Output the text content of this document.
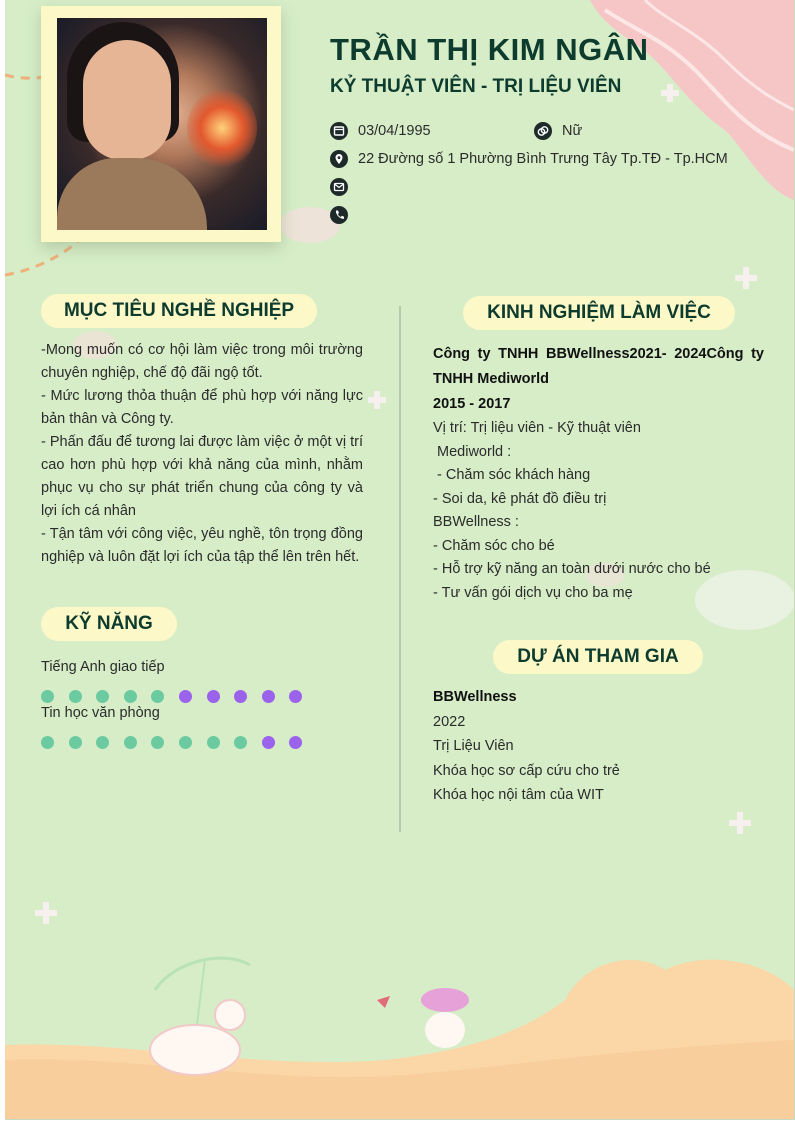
TRẦN THỊ KIM NGÂN
KỶ THUẬT VIÊN - TRỊ LIỆU VIÊN
03/04/1995	Nữ
22 Đường số 1 Phường Bình Trưng Tây Tp.TĐ - Tp.HCM
MỤC TIÊU NGHỀ NGHIỆP

-Mong muốn có cơ hội làm việc trong môi trường chuyên nghiệp, chế độ đãi ngộ tốt.

- Mức lương thỏa thuận để phù hợp với năng lực bản thân và Công ty.

- Phấn đấu để tương lai được làm việc ở một vị trí cao hơn phù hợp với khả năng của mình, nhằm phục vụ cho sự phát triển chung của công ty và lợi ích cá nhân

- Tận tâm với công việc, yêu nghề, tôn trọng đồng nghiệp và luôn đặt lợi ích của tập thể lên trên hết.

KỸ NĂNG
Tiếng Anh giao tiếp
Tin học văn phòng
KINH NGHIỆM LÀM VIỆC

Công ty TNHH BBWellness2021- 2024Công ty TNHH Mediworld

2015 - 2017

Vị trí: Trị liệu viên - Kỹ thuật viên

Mediworld :

- Chăm sóc khách hàng

- Soi da, kê phát đồ điều trị

BBWellness :

- Chăm sóc cho bé

- Hỗ trợ kỹ năng an toàn dưới nước cho bé

- Tư vấn gói dịch vụ cho ba mẹ

DỰ ÁN THAM GIA

BBWellness

2022

Trị Liệu Viên

Khóa học sơ cấp cứu cho trẻ

Khóa học nội tâm của WIT
